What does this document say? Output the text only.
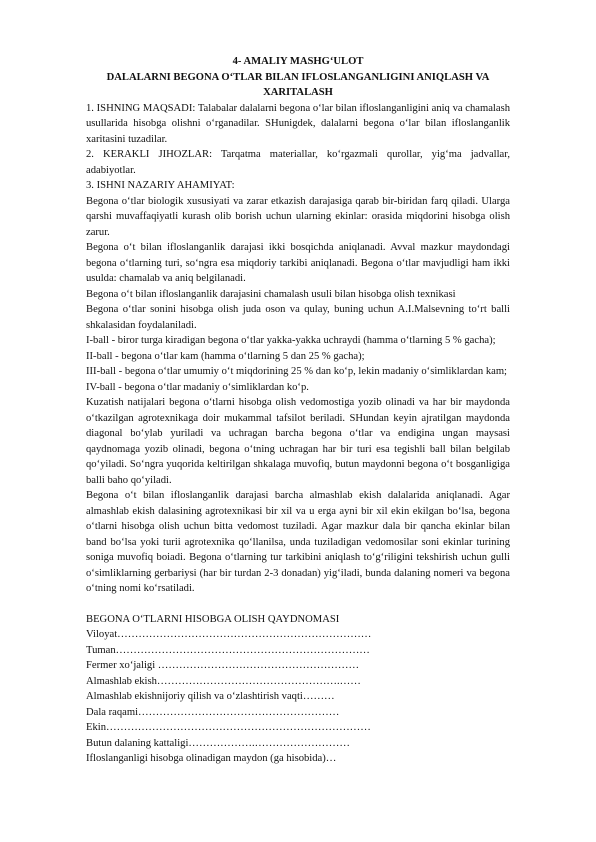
4- AMALIY MASHG‘ULOT

DALALARNI BEGONA O‘TLAR BILAN IFLOSLANGANLIGINI ANIQLASH VA

XARITALASH

1. ISHNING MAQSADI: Talabalar dalalarni begona o‘lar bilan ifloslanganligini aniq va chamalash usullarida hisobga olishni o‘rganadilar. SHunigdek, dalalarni begona o‘lar bilan ifloslanganlik xaritasini tuzadilar.

2. KERAKLI JIHOZLAR: Tarqatma materiallar, ko‘rgazmali qurollar, yig‘ma jadvallar, adabiyotlar.

3. ISHNI NAZARIY AHAMIYAT:

Begona o‘tlar biologik xususiyati va zarar etkazish darajasiga qarab bir-biridan farq qiladi. Ularga qarshi muvaffaqiyatli kurash olib borish uchun ularning ekinlar: orasida miqdorini hisobga olish zarur.

Begona o‘t bilan ifloslanganlik darajasi ikki bosqichda aniqlanadi. Avval mazkur maydondagi begona o‘tlarning turi, so‘ngra esa miqdoriy tarkibi aniqlanadi. Begona o‘tlar mavjudligi ham ikki usulda: chamalab va aniq belgilanadi.

Begona o‘t bilan ifloslanganlik darajasini chamalash usuli bilan hisobga olish texnikasi

Begona o‘tlar sonini hisobga olish juda oson va qulay, buning uchun A.I.Malsevning to‘rt balli shkalasidan foydalaniladi.

I-ball - biror turga kiradigan begona o‘tlar yakka-yakka uchraydi (hamma o‘tlarning 5 % gacha);

II-ball - begona o‘tlar kam (hamma o‘tlarning 5 dan 25 % gacha);

III-ball - begona o‘tlar umumiy o‘t miqdorining 25 % dan ko‘p, lekin madaniy o‘simliklardan kam;

IV-ball - begona o‘tlar madaniy o‘simliklardan ko‘p.

Kuzatish natijalari begona o‘tlarni hisobga olish vedomostiga yozib olinadi va har bir maydonda o‘tkazilgan agrotexnikaga doir mukammal tafsilot beriladi. SHundan keyin ajratilgan maydonda diagonal bo‘ylab yuriladi va uchragan barcha begona o‘tlar va endigina ungan maysasi qaydnomaga yozib olinadi, begona o‘tning uchragan har bir turi esa tegishli ball bilan belgilab qo‘yiladi. So‘ngra yuqorida keltirilgan shkalaga muvofiq, butun maydonni begona o‘t bosganligiga balli baho qo‘yiladi.

Begona o‘t bilan ifloslanganlik darajasi barcha almashlab ekish dalalarida aniqlanadi. Agar almashlab ekish dalasining agrotexnikasi bir xil va u erga ayni bir xil ekin ekilgan bo‘lsa, begona o‘tlarni hisobga olish uchun bitta vedomost tuziladi. Agar mazkur dala bir qancha ekinlar bilan band bo‘lsa yoki turii agrotexnika qo‘llanilsa, unda tuziladigan vedomosilar soni ekinlar turining soniga muvofiq boiadi. Begona o‘tlarning tur tarkibini aniqlash to‘g‘riligini tekshirish uchun gulli o‘simliklarning gerbariysi (har bir turdan 2-3 donadan) yig‘iladi, bunda dalaning nomeri va begona o‘tning nomi ko‘rsatiladi.

BEGONA O‘TLARNI HISOBGA OLISH QAYDNOMASI

Viloyat………………………………………………………………

Tuman………………………………………………………………

Fermer xo‘jaligi …………………………………………………

Almashlab ekish…………………………………………….……

Almashlab ekishnijoriy qilish va o‘zlashtirish vaqti………

Dala raqami…………………………………………………

Ekin…………………………………………………………………

Butun dalaning kattaligi……………….………………………

Ifloslanganligi hisobga olinadigan maydon (ga hisobida)…
